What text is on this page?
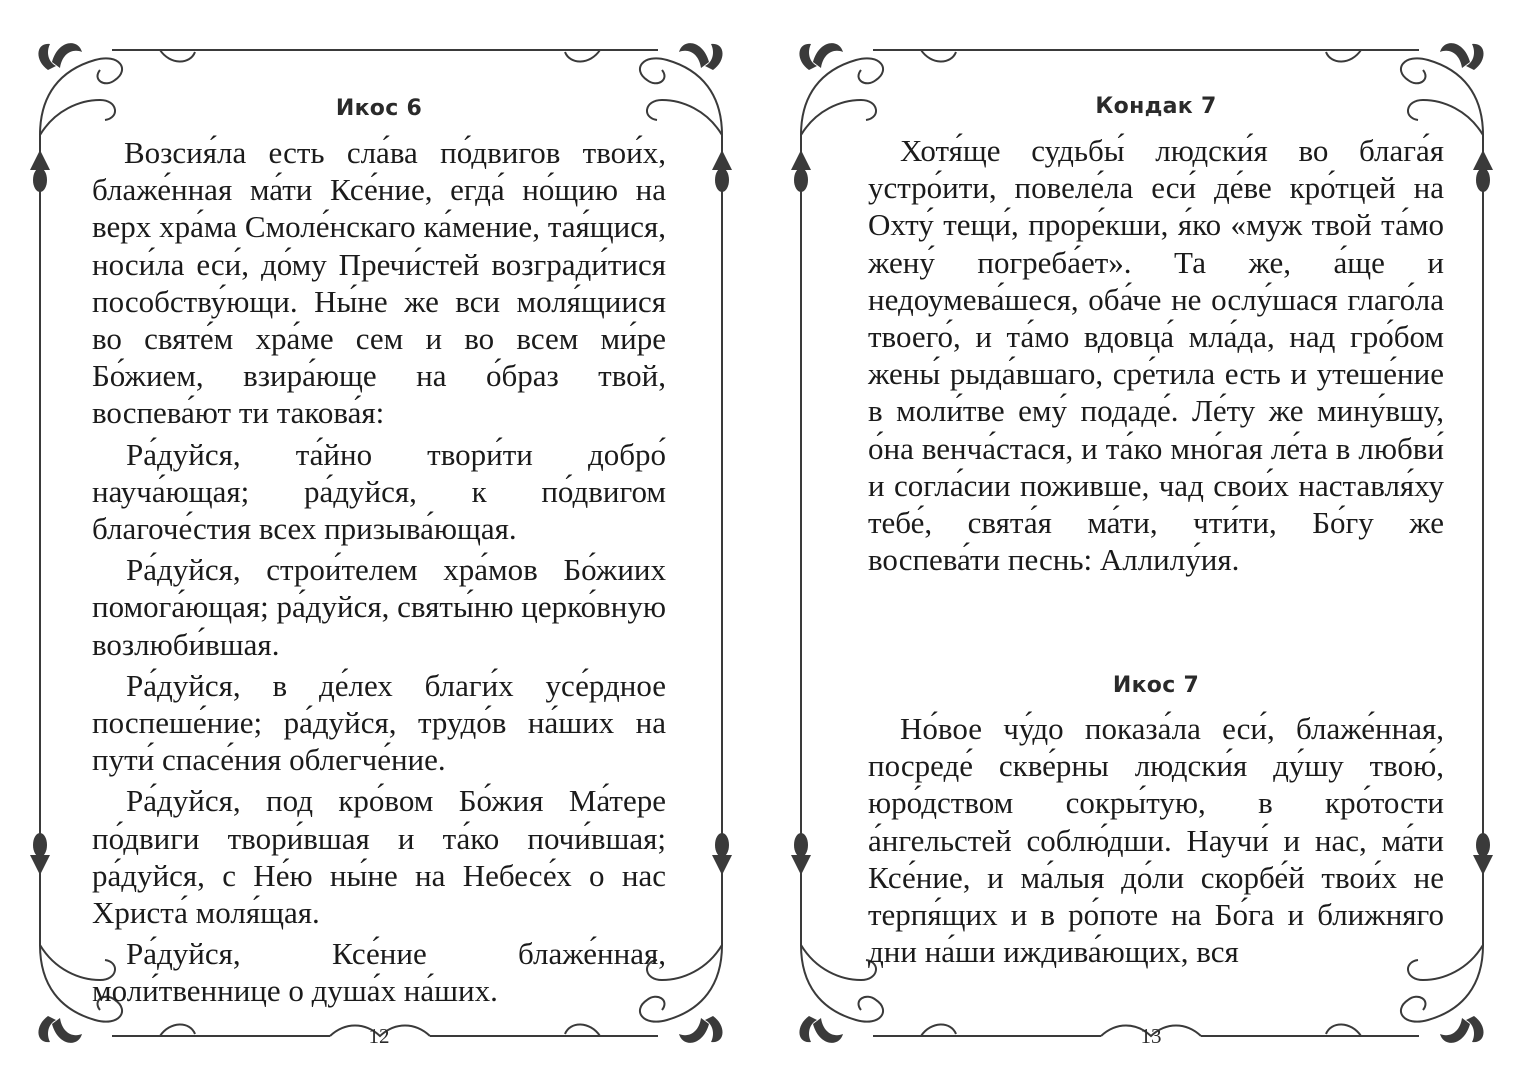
Икос 6

Возсия́ла есть сла́ва по́двигов твои́х, блаже́нная ма́ти Ксе́ние, егда́ но́щию на верх хра́ма Смоле́нскаго ка́мение, тая́щися, носи́ла еси́, до́му Пречи́стей возгради́тися пособству́ющи. Ны́не же вси моля́щиися во святе́м хра́ме сем и во всем ми́ре Бо́жием, взира́юще на о́браз твой, воспева́ют ти такова́я:

Ра́дуйся, та́йно твори́ти добро́ науча́ющая; ра́дуйся, к по́двигом благоче́стия всех призыва́ющая.

Ра́дуйся, строи́телем хра́мов Бо́жиих помога́ющая; ра́дуйся, святы́ню церко́вную возлюби́вшая.

Ра́дуйся, в де́лех благи́х усе́рдное поспеше́ние; ра́дуйся, трудо́в на́ших на пути́ спасе́ния облегче́ние.

Ра́дуйся, под кро́вом Бо́жия Ма́тере по́двиги твори́вшая и та́ко почи́вшая; ра́дуйся, с Не́ю ны́не на Небесе́х о нас Христа́ моля́щая.

Ра́дуйся, Ксе́ние блаже́нная, моли́твеннице о душа́х на́ших.

12
Кондак 7

Хотя́ще судьбы́ людски́я во блага́я устро́ити, повеле́ла еси́ де́ве кро́тцей на Охту́ тещи́, проре́кши, я́ко «муж твой та́мо жену́ погреба́ет». Та же, а́ще и недоумева́шеся, оба́че не ослу́шася глаго́ла твоего́, и та́мо вдовца́ мла́да, над гро́бом жены́ рыда́вшаго, сре́тила есть и утеше́ние в моли́тве ему́ подаде́. Ле́ту же мину́вшу, о́на венча́стася, и та́ко мно́гая ле́та в любви́ и согла́сии поживше, чад свои́х наставля́ху тебе́, свята́я ма́ти, чти́ти, Бо́гу же воспева́ти песнь: Аллилу́ия.

Икос 7

Но́вое чу́до показа́ла еси́, блаже́нная, посреде́ скве́рны людски́я ду́шу твою́, юро́дством сокры́тую, в кро́тости а́нгельстей соблю́дши. Научи́ и нас, ма́ти Ксе́ние, и ма́лыя до́ли скорбе́й твои́х не терпя́щих и в ро́поте на Бо́га и ближняго дни на́ши иждива́ющих, вся

13
